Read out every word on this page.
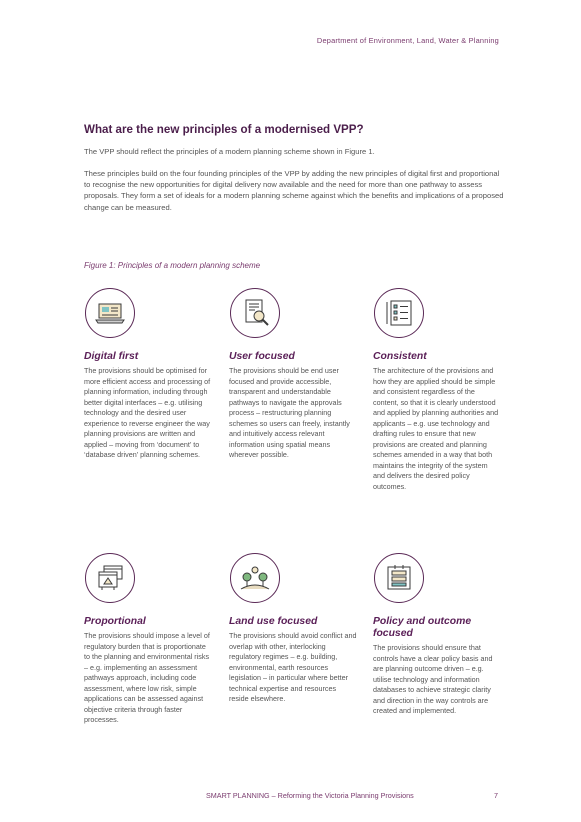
Department of Environment, Land, Water & Planning
What are the new principles of a modernised VPP?
The VPP should reflect the principles of a modern planning scheme shown in Figure 1.
These principles build on the four founding principles of the VPP by adding the new principles of digital first and proportional to recognise the new opportunities for digital delivery now available and the need for more than one pathway to assess proposals. They form a set of ideals for a modern planning scheme against which the benefits and implications of a proposed change can be measured.
Figure 1: Principles of a modern planning scheme
Digital first
The provisions should be optimised for more efficient access and processing of planning information, including through better digital interfaces – e.g. utilising technology and the desired user experience to reverse engineer the way planning provisions are written and applied – moving from ‘document’ to ‘database driven’ planning schemes.
User focused
The provisions should be end user focused and provide accessible, transparent and understandable pathways to navigate the approvals process – restructuring planning schemes so users can freely, instantly and intuitively access relevant information using spatial means wherever possible.
Consistent
The architecture of the provisions and how they are applied should be simple and consistent regardless of the content, so that it is clearly understood and applied by planning authorities and applicants – e.g. use technology and drafting rules to ensure that new provisions are created and planning schemes amended in a way that both maintains the integrity of the system and delivers the desired policy outcomes.
Proportional
The provisions should impose a level of regulatory burden that is proportionate to the planning and environmental risks – e.g. implementing an assessment pathways approach, including code assessment, where low risk, simple applications can be assessed against objective criteria through faster processes.
Land use focused
The provisions should avoid conflict and overlap with other, interlocking regulatory regimes – e.g. building, environmental, earth resources legislation – in particular where better technical expertise and resources reside elsewhere.
Policy and outcome focused
The provisions should ensure that controls have a clear policy basis and are planning outcome driven – e.g. utilise technology and information databases to achieve strategic clarity and direction in the way controls are created and implemented.
SMART PLANNING – Reforming the Victoria Planning Provisions	7
